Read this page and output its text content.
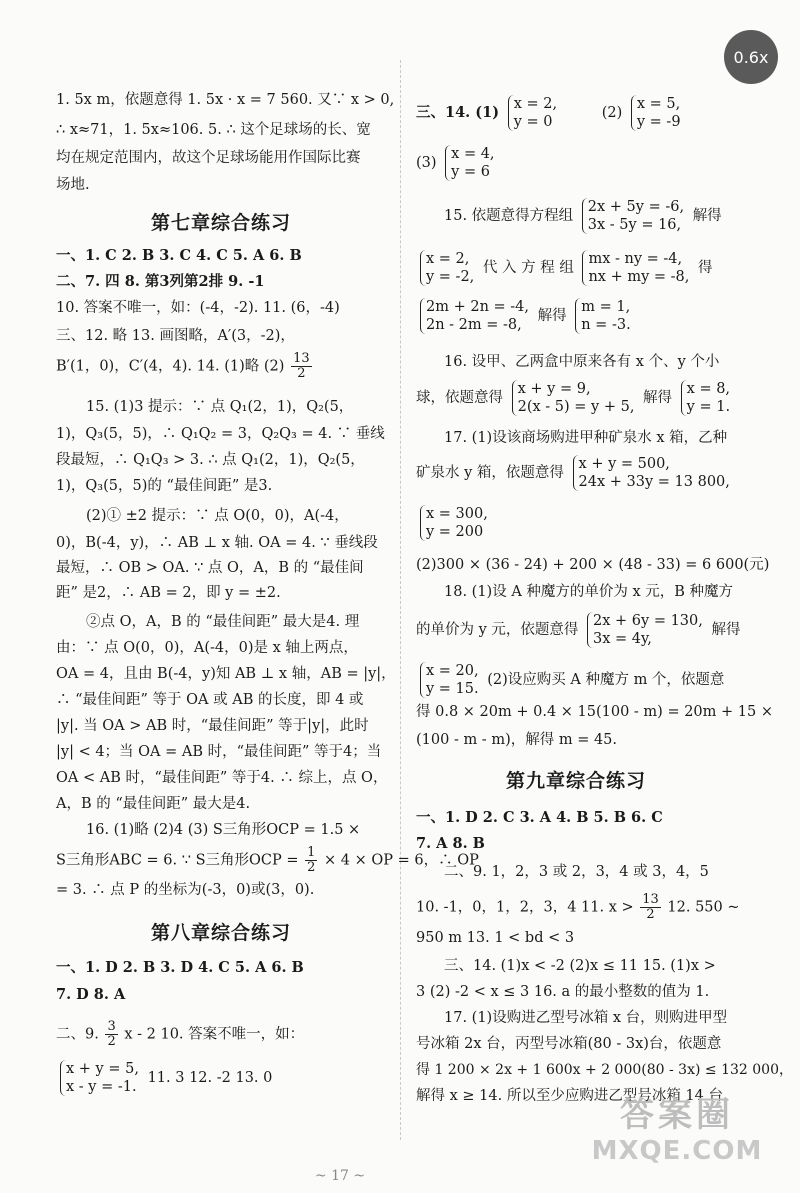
1. 5x m，依题意得 1. 5x · x = 7 560. 又∵ x > 0,
∴ x≈71，1. 5x≈106. 5. ∴ 这个足球场的长、宽
均在规定范围内，故这个足球场能用作国际比赛
场地.
第七章综合练习
一、1. C 2. B 3. C 4. C 5. A 6. B
二、7. 四 8. 第3列第2排 9. -1
10. 答案不唯一，如：(-4，-2). 11. (6，-4)
三、12. 略 13. 画图略，A′(3，-2)，
B′(1，0)，C′(4，4). 14. (1)略 $(2) \frac{13}{2}$
15. (1)3 提示：∵ 点 Q₁(2，1)，Q₂(5，
1)，Q₃(5，5)，∴ Q₁Q₂ = 3，Q₂Q₃ = 4. ∵ 垂线
段最短，∴ Q₁Q₃ > 3. ∴ 点 Q₁(2，1)，Q₂(5，
1)，Q₃(5，5)的 “最佳间距” 是3.
(2)① ±2 提示：∵ 点 O(0，0)，A(-4，
0)，B(-4，y)，∴ AB ⊥ x 轴. OA = 4. ∵ 垂线段
最短，∴ OB > OA. ∵ 点 O，A，B 的 “最佳间
距” 是2，∴ AB = 2，即 y = ±2.
②点 O，A，B 的 “最佳间距” 最大是4. 理
由：∵ 点 O(0，0)，A(-4，0)是 x 轴上两点，
OA = 4，且由 B(-4，y)知 AB ⊥ x 轴，AB = |y|，
∴ “最佳间距” 等于 OA 或 AB 的长度，即 4 或
|y|. 当 OA > AB 时，“最佳间距” 等于|y|，此时
|y| < 4；当 OA = AB 时，“最佳间距” 等于4；当
OA < AB 时，“最佳间距” 等于4. ∴ 综上，点 O，
A，B 的 “最佳间距” 最大是4.
16. (1)略 (2)4 (3) S三角形OCP = 1.5 ×
S三角形ABC = 6. ∵ S三角形OCP = $\frac{1}{2} \times 4$ × OP = 6，∴ OP
= 3. ∴ 点 P 的坐标为(-3，0)或(3，0).
第八章综合练习
一、1. D 2. B 3. D 4. C 5. A 6. B
7. D 8. A
二、9. $\frac{3}{2}$ x - 2 10. 答案不唯一，如：
x + y = 5,
x - y = -1.
11. 3 12. -2 13. 0
三、14. (1) x = 2,
y = 0
(2)
x = 5,
y = -9
(3)
x = 4,
y = 6
15. 依题意得方程组
2x + 5y = -6,
3x - 5y = 16,
解得
x = 2,
y = -2,
代 入 方 程 组
mx - ny = -4,
nx + my = -8,
得
2m + 2n = -4,
2n - 2m = -8,
解得
m = 1,
n = -3.
16. 设甲、乙两盒中原来各有 x 个、y 个小
球，依题意得
x + y = 9,
2(x - 5) = y + 5,
解得
x = 8,
y = 1.
17. (1)设该商场购进甲种矿泉水 x 箱，乙种
矿泉水 y 箱，依题意得
x + y = 500,
24x + 33y = 13 800,
x = 300,
y = 200
(2)300 × (36 - 24) + 200 × (48 - 33) = 6 600(元)
18. (1)设 A 种魔方的单价为 x 元，B 种魔方
的单价为 y 元，依题意得
2x + 6y = 130,
3x = 4y,
解得
x = 20,
y = 15.
(2)设应购买 A 种魔方 m 个，依题意
得 0.8 × 20m + 0.4 × 15(100 - m) = 20m + 15 ×
(100 - m - m)，解得 m = 45.
第九章综合练习
一、1. D 2. C 3. A 4. B 5. B 6. C
7. A 8. B
二、9. 1，2，3 或 2，3，4 或 3，4，5
10. -1，0，1，2，3，4 11. $x > \frac{13}{2} 12$. 550 ~
950 m 13. 1 < bd < 3
三、14. (1)x < -2 (2)x ≤ 11 15. (1)x >
3 (2) -2 < x ≤ 3 16. a 的最小整数的值为 1.
17. (1)设购进乙型号冰箱 x 台，则购进甲型
号冰箱 2x 台，丙型号冰箱(80 - 3x)台，依题意
得 1 200 × 2x + 1 600x + 2 000(80 - 3x) ≤ 132 000，
解得 x ≥ 14. 所以至少应购进乙型号冰箱 14 台.
0.6x
~ 17 ~
答案圈
MXQE.COM
